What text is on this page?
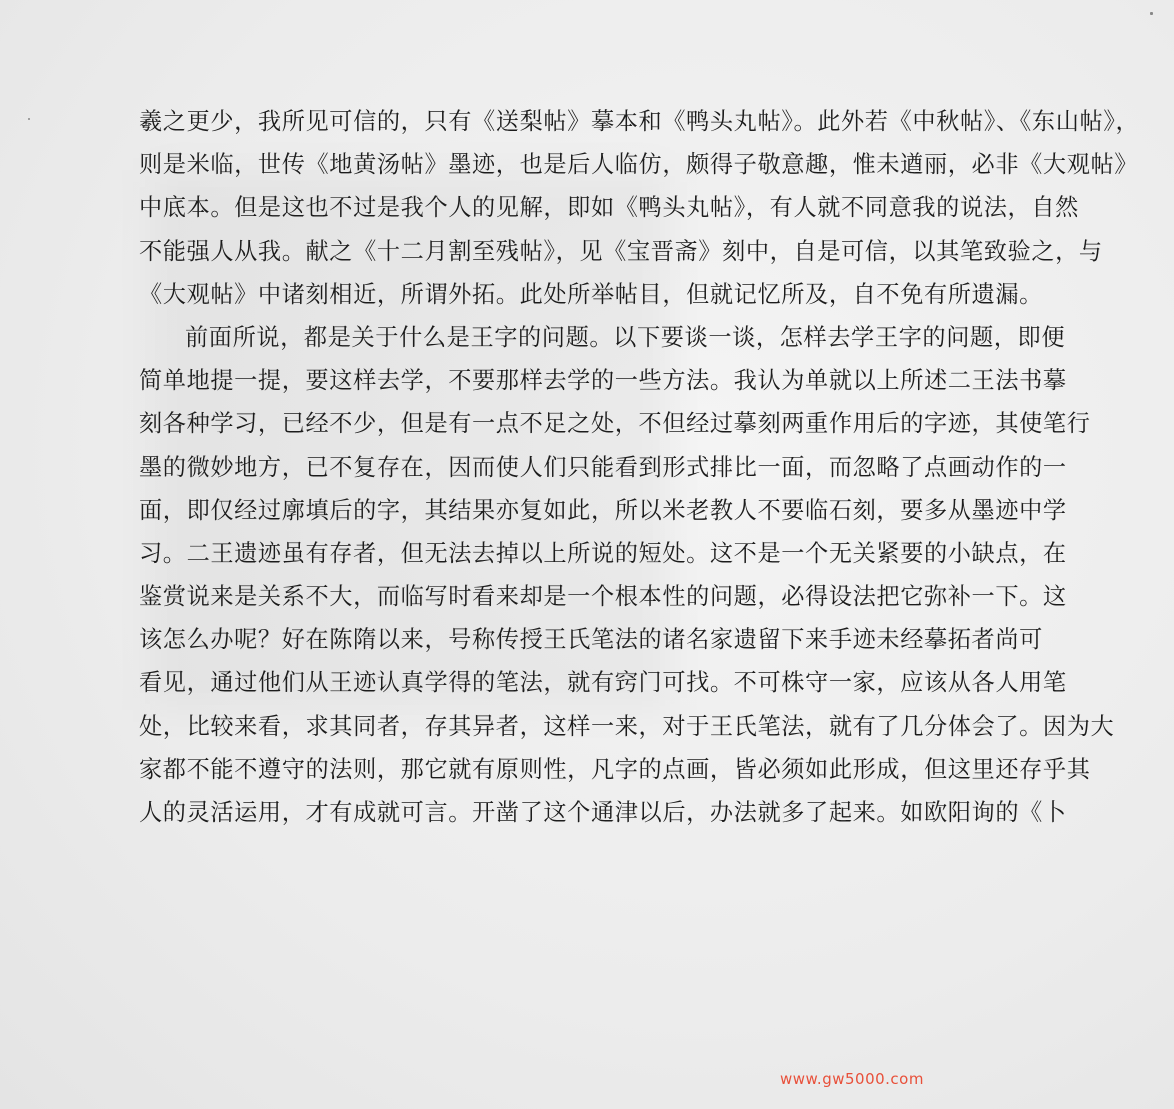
羲之更少，我所见可信的，只有《送梨帖》摹本和《鸭头丸帖》。此外若《中秋帖》、《东山帖》，
则是米临，世传《地黄汤帖》墨迹，也是后人临仿，颇得子敬意趣，惟未遒丽，必非《大观帖》
中底本。但是这也不过是我个人的见解，即如《鸭头丸帖》，有人就不同意我的说法，自然
不能强人从我。献之《十二月割至残帖》，见《宝晋斋》刻中，自是可信，以其笔致验之，与
《大观帖》中诸刻相近，所谓外拓。此处所举帖目，但就记忆所及，自不免有所遗漏。
前面所说，都是关于什么是王字的问题。以下要谈一谈，怎样去学王字的问题，即便
简单地提一提，要这样去学，不要那样去学的一些方法。我认为单就以上所述二王法书摹
刻各种学习，已经不少，但是有一点不足之处，不但经过摹刻两重作用后的字迹，其使笔行
墨的微妙地方，已不复存在，因而使人们只能看到形式排比一面，而忽略了点画动作的一
面，即仅经过廓填后的字，其结果亦复如此，所以米老教人不要临石刻，要多从墨迹中学
习。二王遗迹虽有存者，但无法去掉以上所说的短处。这不是一个无关紧要的小缺点，在
鉴赏说来是关系不大，而临写时看来却是一个根本性的问题，必得设法把它弥补一下。这
该怎么办呢？好在陈隋以来，号称传授王氏笔法的诸名家遗留下来手迹未经摹拓者尚可
看见，通过他们从王迹认真学得的笔法，就有窍门可找。不可株守一家，应该从各人用笔
处，比较来看，求其同者，存其异者，这样一来，对于王氏笔法，就有了几分体会了。因为大
家都不能不遵守的法则，那它就有原则性，凡字的点画，皆必须如此形成，但这里还存乎其
人的灵活运用，才有成就可言。开凿了这个通津以后，办法就多了起来。如欧阳询的《卜
www.gw5000.com
